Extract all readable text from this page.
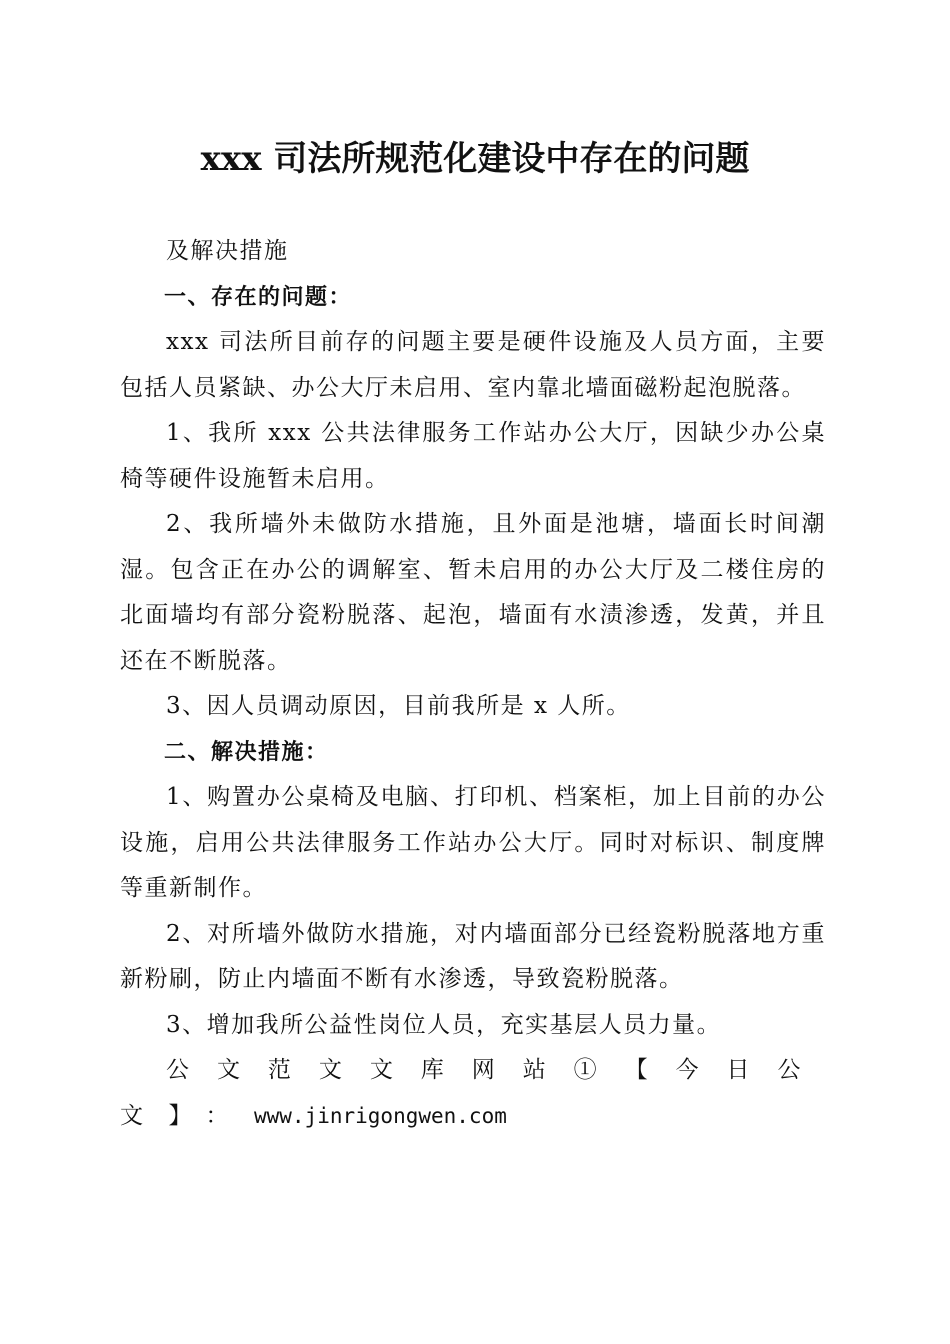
xxx 司法所规范化建设中存在的问题

及解决措施

一、存在的问题：

xxx 司法所目前存的问题主要是硬件设施及人员方面，主要包括人员紧缺、办公大厅未启用、室内靠北墙面磁粉起泡脱落。

1、我所 xxx 公共法律服务工作站办公大厅，因缺少办公桌椅等硬件设施暂未启用。

2、我所墙外未做防水措施，且外面是池塘，墙面长时间潮湿。包含正在办公的调解室、暂未启用的办公大厅及二楼住房的北面墙均有部分瓷粉脱落、起泡，墙面有水渍渗透，发黄，并且还在不断脱落。

3、因人员调动原因，目前我所是 x 人所。

二、解决措施：

1、购置办公桌椅及电脑、打印机、档案柜，加上目前的办公设施，启用公共法律服务工作站办公大厅。同时对标识、制度牌等重新制作。

2、对所墙外做防水措施，对内墙面部分已经瓷粉脱落地方重新粉刷，防止内墙面不断有水渗透，导致瓷粉脱落。

3、增加我所公益性岗位人员，充实基层人员力量。

公文范文文库网站①【今日公文】：www.jinrigongwen.com
